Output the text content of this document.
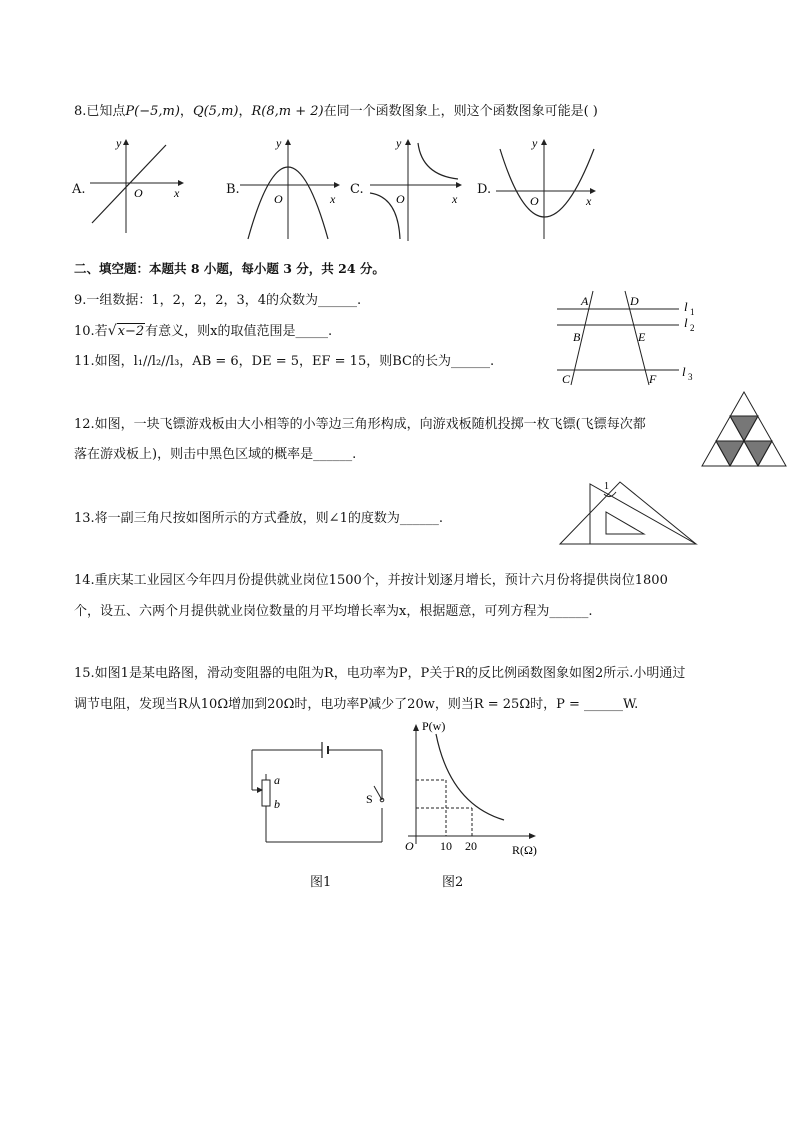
8.已知点P(−5,m)，Q(5,m)，R(8,m + 2)在同一个函数图象上，则这个函数图象可能是( )
A.	B.	C.	D.
y
x
O
y
x
O
y
x
O
y
x
O
二、填空题：本题共 8 小题，每小题 3 分，共 24 分。
9.一组数据：1，2，2，2，3，4的众数为______.
10.若√x−2有意义，则x的取值范围是_____.
11.如图，l₁//l₂//l₃，AB = 6，DE = 5，EF = 15，则BC的长为______.
A	D
B	E
C	F
l 1
l 2
l 3
12.如图，一块飞镖游戏板由大小相等的小等边三角形构成，向游戏板随机投掷一枚飞镖(飞镖每次都
落在游戏板上)，则击中黑色区域的概率是______.
13.将一副三角尺按如图所示的方式叠放，则∠1的度数为______.
1
14.重庆某工业园区今年四月份提供就业岗位1500个，并按计划逐月增长，预计六月份将提供岗位1800
个，设五、六两个月提供就业岗位数量的月平均增长率为x，根据题意，可列方程为______.
15.如图1是某电路图，滑动变阻器的电阻为R，电功率为P，P关于R的反比例函数图象如图2所示.小明通过
调节电阻，发现当R从10Ω增加到20Ω时，电功率P减少了20w，则当R = 25Ω时，P = ______W.
a
b	S
P(w)
R(Ω)
O 10 20
图1	图2
